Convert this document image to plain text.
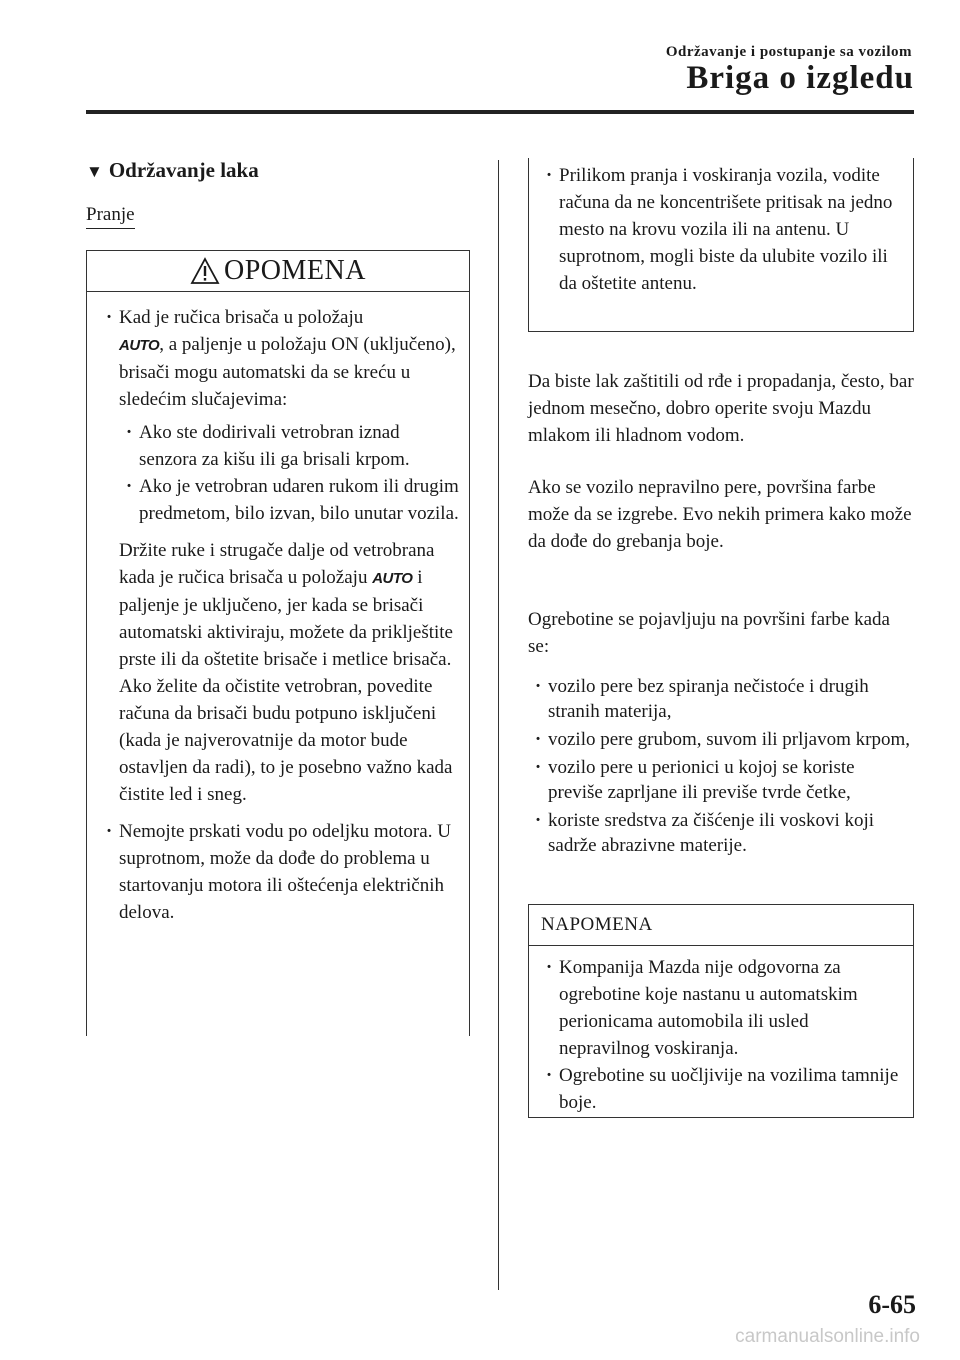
Održavanje i postupanje sa vozilom
Briga o izgledu
▼ Održavanje laka
Pranje
OPOMENA
· Kad je ručica brisača u položaju
AUTO, a paljenje u položaju ON (uključeno), brisači mogu automatski da se kreću u sledećim slučajevima:
· Ako ste dodirivali vetrobran iznad senzora za kišu ili ga brisali krpom.
· Ako je vetrobran udaren rukom ili drugim predmetom, bilo izvan, bilo unutar vozila.
Držite ruke i strugače dalje od vetrobrana kada je ručica brisača u položaju AUTO i paljenje je uključeno, jer kada se brisači automatski aktiviraju, možete da prikljеštite prste ili da oštetite brisače i metlice brisača.
Ako želite da očistite vetrobran, povedite računa da brisači budu potpuno isključeni (kada je najverovatnije da motor bude ostavljen da radi), to je posebno važno kada čistite led i sneg.
· Nemojte prskati vodu po odeljku motora. U suprotnom, može da dođe do problema u startovanju motora ili oštećenja električnih delova.
· Prilikom pranja i voskiranja vozila, vodite računa da ne koncentrišete pritisak na jedno mesto na krovu vozila ili na antenu. U suprotnom, mogli biste da ulubite vozilo ili da oštetite antenu.
Da biste lak zaštitili od rđe i propadanja, često, bar jednom mesečno, dobro operite svoju Mazdu mlakom ili hladnom vodom.
Ako se vozilo nepravilno pere, površina farbe može da se izgrebe. Evo nekih primera kako može da dođe do grebanja boje.
Ogrebotine se pojavljuju na površini farbe kada se:
· vozilo pere bez spiranja nečistoće i drugih stranih materija,
· vozilo pere grubom, suvom ili prljavom krpom,
· vozilo pere u perionici u kojoj se koriste previše zaprljane ili previše tvrde četke,
· koriste sredstva za čišćenje ili voskovi koji sadrže abrazivne materije.
NAPOMENA
· Kompanija Mazda nije odgovorna za ogrebotine koje nastanu u automatskim perionicama automobila ili usled nepravilnog voskiranja.
· Ogrebotine su uočljivije na vozilima tamnije boje.
6-65
carmanualsonline.info
